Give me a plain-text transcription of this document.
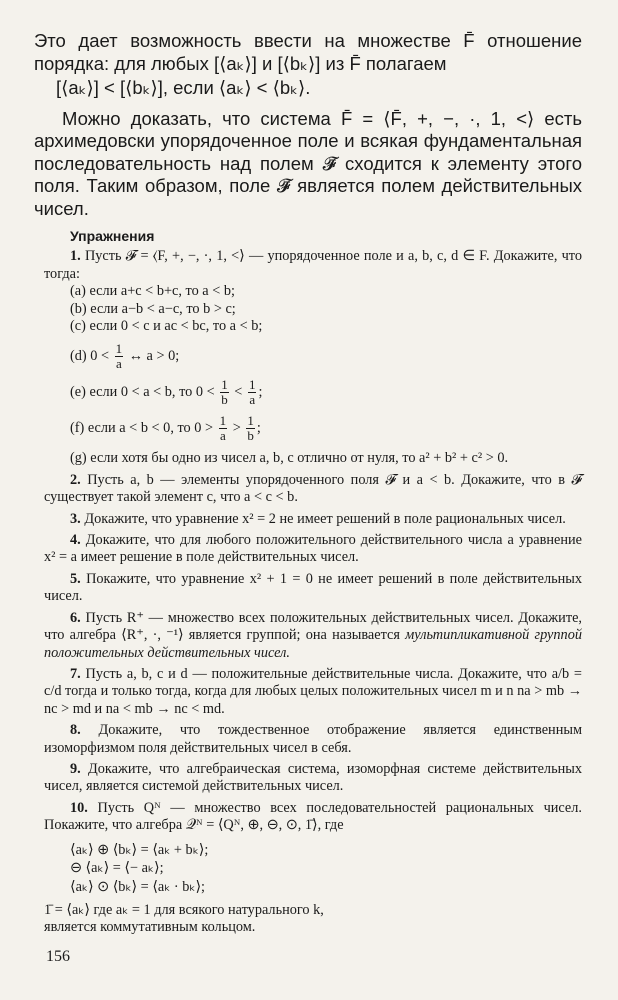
Это дает возможность ввести на множестве F̄ отношение порядка: для любых [⟨aₖ⟩] и [⟨bₖ⟩] из F̄ полагаем

[⟨aₖ⟩] < [⟨bₖ⟩], если ⟨aₖ⟩ < ⟨bₖ⟩.

Можно доказать, что система F̄ = ⟨F̄, +, −, ·, 1, <⟩ есть архимедовски упорядоченное поле и всякая фундаментальная последовательность над полем 𝓕̄ сходится к элементу этого поля. Таким образом, поле 𝓕̄ является полем действительных чисел.

Упражнения

1. Пусть 𝓕 = ⟨F, +, −, ·, 1, <⟩ — упорядоченное поле и a, b, c, d ∈ F. Докажите, что тогда:

(a) если a+c < b+c, то a < b;

(b) если a−b < a−c, то b > c;

(c) если 0 < c и ac < bc, то a < b;

(d) $0 < \frac{1}{a}$ ↔ a > 0;

(e) если 0 < a < b, то $0 < \frac{1}{b} < \frac{1}{a}$ ;

(f) если a < b < 0, то $0 > \frac{1}{a} > \frac{1}{b}$ ;

(g) если хотя бы одно из чисел a, b, c отлично от нуля, то a² + b² + c² > 0.

2. Пусть a, b — элементы упорядоченного поля 𝓕 и a < b. Докажите, что в 𝓕 существует такой элемент c, что a < c < b.

3. Докажите, что уравнение x² = 2 не имеет решений в поле рациональных чисел.

4. Докажите, что для любого положительного действительного числа a уравнение x² = a имеет решение в поле действительных чисел.

5. Покажите, что уравнение x² + 1 = 0 не имеет решений в поле действительных чисел.

6. Пусть R⁺ — множество всех положительных действительных чисел. Докажите, что алгебра ⟨R⁺, ·, ⁻¹⟩ является группой; она называется мультипликативной группой положительных действительных чисел.

7. Пусть a, b, c и d — положительные действительные числа. Докажите, что a/b = c/d тогда и только тогда, когда для любых целых положительных чисел m и n na > mb → nc > md и na < mb → nc < md.

8. Докажите, что тождественное отображение является единственным изоморфизмом поля действительных чисел в себя.

9. Докажите, что алгебраическая система, изоморфная системе действительных чисел, является системой действительных чисел.

10. Пусть Qᴺ — множество всех последовательностей рациональных чисел. Покажите, что алгебра 𝒬ᴺ = ⟨Qᴺ, ⊕, ⊖, ⊙, 1̄⟩, где

⟨aₖ⟩ ⊕ ⟨bₖ⟩ = ⟨aₖ + bₖ⟩;
⊖ ⟨aₖ⟩ = ⟨− aₖ⟩;
⟨aₖ⟩ ⊙ ⟨bₖ⟩ = ⟨aₖ · bₖ⟩;

1̄ = ⟨aₖ⟩ где aₖ = 1 для всякого натурального k,

является коммутативным кольцом.

156
